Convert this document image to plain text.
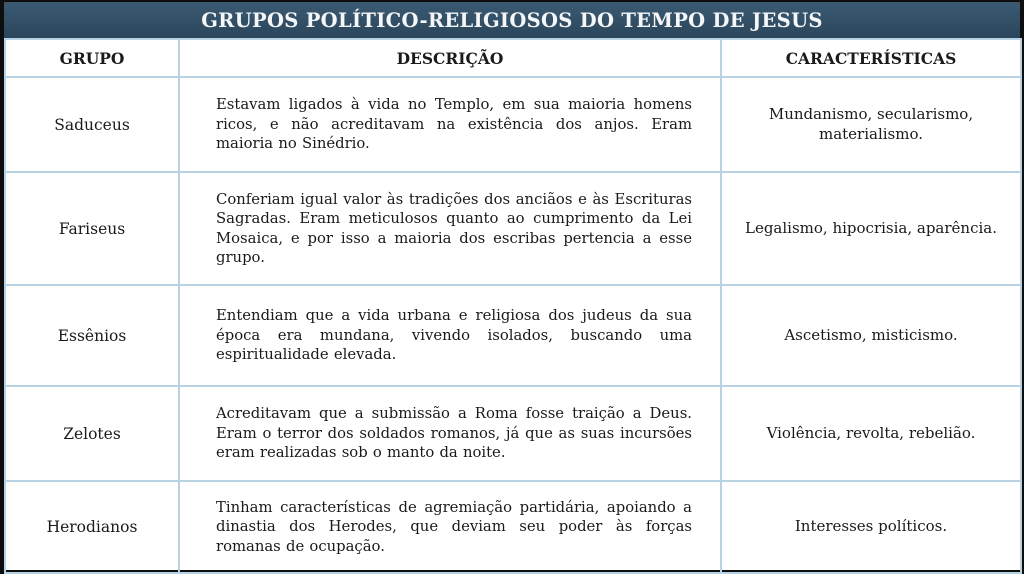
GRUPOS POLÍTICO-RELIGIOSOS DO TEMPO DE JESUS
GRUPO	DESCRIÇÃO	CARACTERÍSTICAS
Saduceus	Estavam ligados à vida no Templo, em sua maioria homens ricos, e não acreditavam na existência dos anjos. Eram maioria no Sinédrio.	Mundanismo, secularismo, materialismo.
Fariseus	Conferiam igual valor às tradições dos anciãos e às Escrituras Sagradas. Eram meticulosos quanto ao cumprimento da Lei Mosaica, e por isso a maioria dos escribas pertencia a esse grupo.	Legalismo, hipocrisia, aparência.
Essênios	Entendiam que a vida urbana e religiosa dos judeus da sua época era mundana, vivendo isolados, buscando uma espiritualidade elevada.	Ascetismo, misticismo.
Zelotes	Acreditavam que a submissão a Roma fosse traição a Deus. Eram o terror dos soldados romanos, já que as suas incursões eram realizadas sob o manto da noite.	Violência, revolta, rebelião.
Herodianos	Tinham características de agremiação partidária, apoiando a dinastia dos Herodes, que deviam seu poder às forças romanas de ocupação.	Interesses políticos.
